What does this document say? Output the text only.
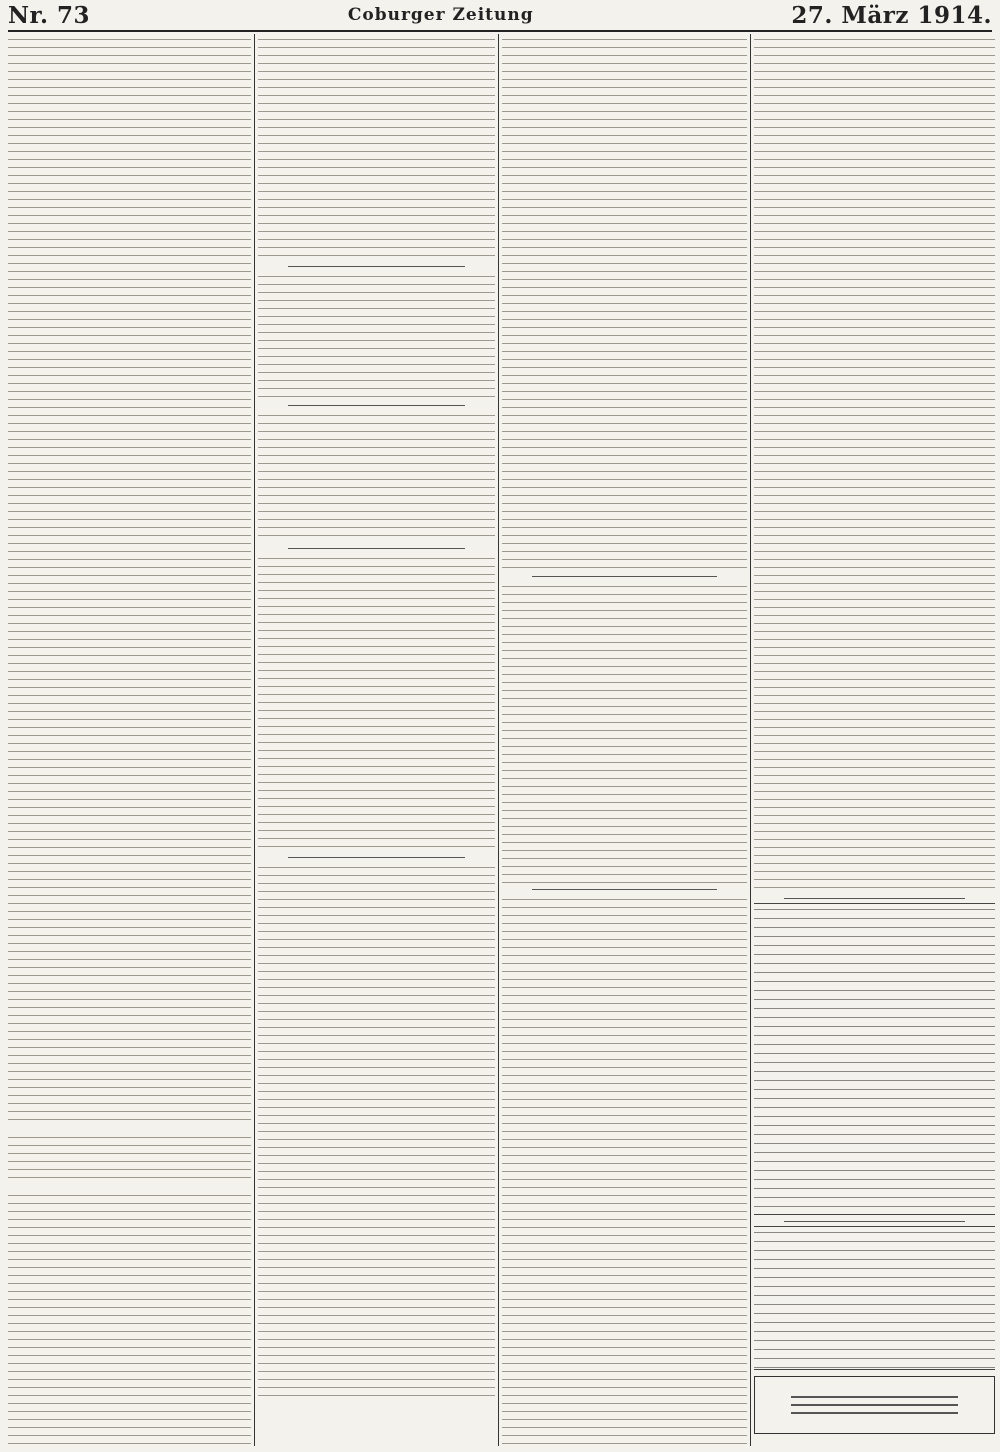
Nr. 73	Coburger Zeitung	27. März 1914.
